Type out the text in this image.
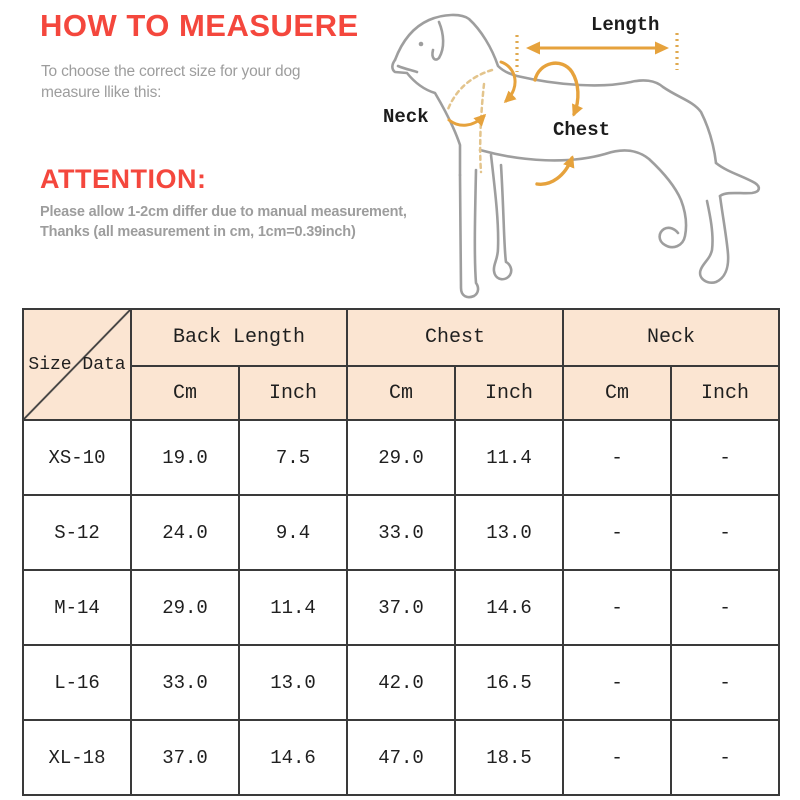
HOW TO MEASUERE
To choose the correct size for your dog
measure llike this:
ATTENTION:
Please allow 1-2cm differ due to manual measurement,
Thanks (all measurement in cm, 1cm=0.39inch)
Length
Neck
Chest
Size Data	Back Length		Chest		Neck	
	Cm	Inch	Cm	Inch	Cm	Inch
XS-10	19.0	7.5	29.0	11.4	-	-
S-12	24.0	9.4	33.0	13.0	-	-
M-14	29.0	11.4	37.0	14.6	-	-
L-16	33.0	13.0	42.0	16.5	-	-
XL-18	37.0	14.6	47.0	18.5	-	-
